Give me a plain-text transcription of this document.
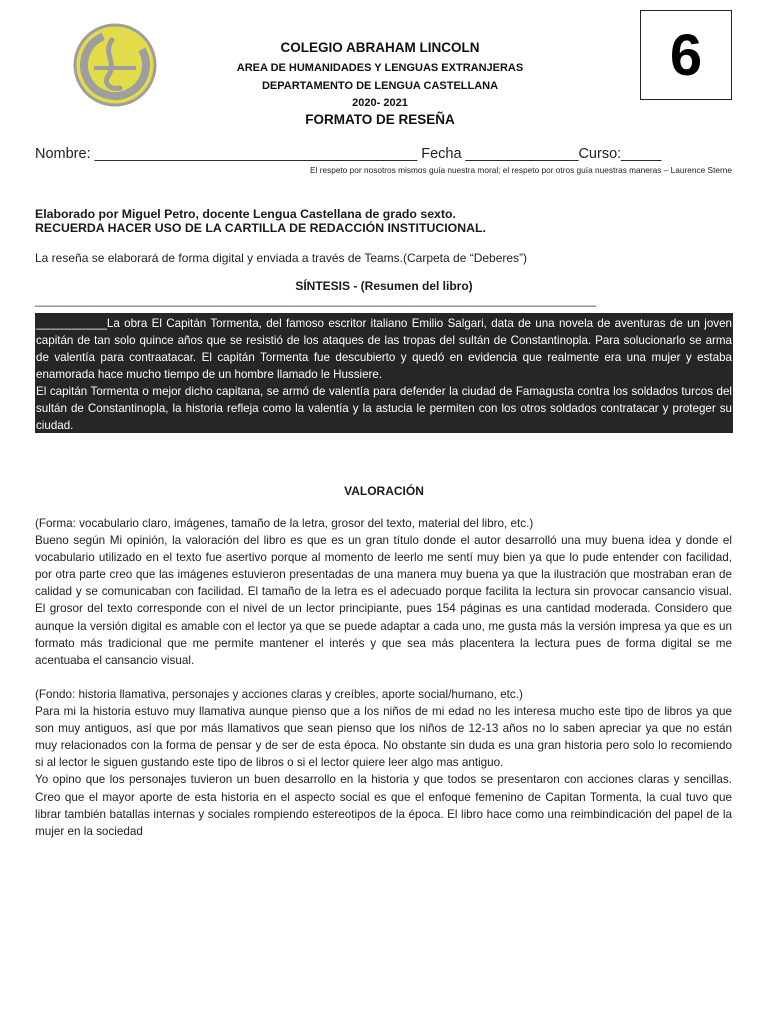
COLEGIO ABRAHAM LINCOLN
AREA DE HUMANIDADES Y LENGUAS EXTRANJERAS
DEPARTAMENTO DE LENGUA CASTELLANA
2020- 2021
FORMATO DE RESEÑA
6
Nombre: ________________________________________ Fecha ______________Curso:_____
El respeto por nosotros mismos guía nuestra moral; el respeto por otros guía nuestras maneras – Laurence Sterne
Elaborado por Miguel Petro, docente Lengua Castellana de grado sexto.
RECUERDA HACER USO DE LA CARTILLA DE REDACCIÓN INSTITUCIONAL.
La reseña se elaborará de forma digital y enviada a través de Teams.(Carpeta de “Deberes”)
SÍNTESIS - (Resumen del libro)
________________________________________________________________________________________

___________La obra El Capitán Tormenta, del famoso escritor italiano Emilio Salgari, data de una novela de aventuras de un joven capitán de tan solo quince años que se resistió de los ataques de las tropas del sultán de Constantinopla. Para solucionarlo se arma de valentía para contraatacar. El capitán Tormenta fue descubierto y quedó en evidencia que realmente era una mujer y estaba enamorada hace mucho tiempo de un hombre llamado le Hussiere.

El capitán Tormenta o mejor dicho capitana, se armó de valentía para defender la ciudad de Famagusta contra los soldados turcos del sultán de Constantinopla, la historia refleja como la valentía y la astucia le permiten con los otros soldados contratacar y proteger su ciudad.

VALORACIÓN

(Forma: vocabulario claro, imágenes, tamaño de la letra, grosor del texto, material del libro, etc.)

Bueno según Mi opinión, la valoración del libro es que es un gran título donde el autor desarrolló una muy buena idea y donde el vocabulario utilizado en el texto fue asertivo porque al momento de leerlo me sentí muy bien ya que lo pude entender con facilidad, por otra parte creo que las imágenes estuvieron presentadas de una manera muy buena ya que la ilustración que mostraban eran de calidad y se comunicaban con facilidad. El tamaño de la letra es el adecuado porque facilita la lectura sin provocar cansancio visual. El grosor del texto corresponde con el nivel de un lector principiante, pues 154 páginas es una cantidad moderada. Considero que aunque la versión digital es amable con el lector ya que se puede adaptar a cada uno, me gusta más la versión impresa ya que es un formato más tradicional que me permite mantener el interés y que sea más placentera la lectura pues de forma digital se me acentuaba el cansancio visual.

(Fondo: historia llamativa, personajes y acciones claras y creíbles, aporte social/humano, etc.)

Para mi la historia estuvo muy llamativa aunque pienso que a los niños de mi edad no les interesa mucho este tipo de libros ya que son muy antiguos, así que por más llamativos que sean pienso que los niños de 12-13 años no lo saben apreciar ya que no están muy relacionados con la forma de pensar y de ser de esta época. No obstante sin duda es una gran historia pero solo lo recomiendo si al lector le siguen gustando este tipo de libros o si el lector quiere leer algo mas antiguo.

Yo opino que los personajes tuvieron un buen desarrollo en la historia y que todos se presentaron con acciones claras y sencillas. Creo que el mayor aporte de esta historia en el aspecto social es que el enfoque femenino de Capitan Tormenta, la cual tuvo que librar también batallas internas y sociales rompiendo estereotipos de la época. El libro hace como una reimbindicación del papel de la mujer en la sociedad
